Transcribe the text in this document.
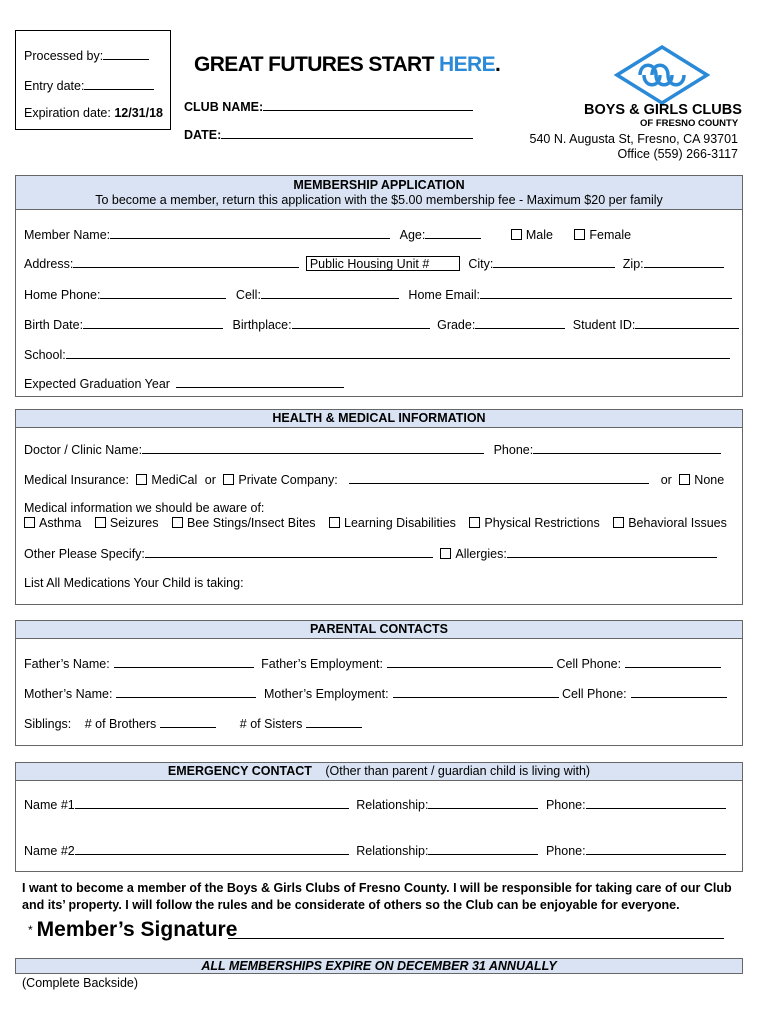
Processed by:
Entry date:
Expiration date: 12/31/18
GREAT FUTURES START HERE.
CLUB NAME:
DATE:
BOYS & GIRLS CLUBS
OF FRESNO COUNTY
540 N. Augusta St, Fresno, CA 93701
Office (559) 266-3117
MEMBERSHIP APPLICATION
To become a member, return this application with the $5.00 membership fee - Maximum $20 per family
Member Name:	Age:	Male	Female
Address:	Public Housing Unit #	City:	Zip:
Home Phone:	Cell:	Home Email:
Birth Date:	Birthplace:	Grade:	Student ID:
School:
Expected Graduation Year
HEALTH & MEDICAL INFORMATION
Doctor / Clinic Name:	Phone:
Medical Insurance: MediCal or Private Company:	or None
Medical information we should be aware of:
Asthma Seizures Bee Stings/Insect Bites Learning Disabilities Physical Restrictions Behavioral Issues
Other Please Specify:	Allergies:
List All Medications Your Child is taking:
PARENTAL CONTACTS
Father’s Name:	Father’s Employment:	Cell Phone:
Mother’s Name:	Mother’s Employment:	Cell Phone:
Siblings: # of Brothers	# of Sisters
EMERGENCY CONTACT (Other than parent / guardian child is living with)
Name #1	Relationship:	Phone:
Name #2	Relationship:	Phone:
I want to become a member of the Boys & Girls Clubs of Fresno County. I will be responsible for taking care of our Club and its’ property. I will follow the rules and be considerate of others so the Club can be enjoyable for everyone.
* Member’s Signature
ALL MEMBERSHIPS EXPIRE ON DECEMBER 31 ANNUALLY
(Complete Backside)
